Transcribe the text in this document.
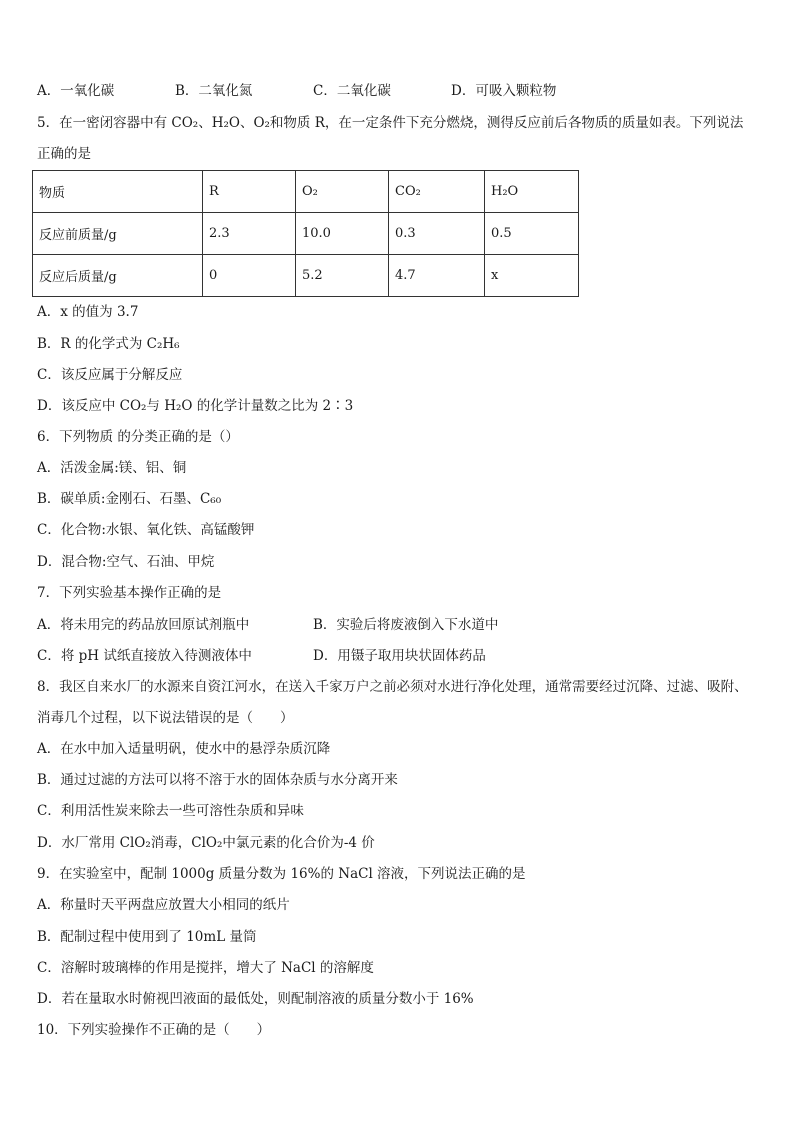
A．一氧化碳	B．二氧化氮	C．二氧化碳	D．可吸入颗粒物
5．在一密闭容器中有 CO₂、H₂O、O₂和物质 R，在一定条件下充分燃烧，测得反应前后各物质的质量如表。下列说法
正确的是
物质	R	O₂	CO₂	H₂O
反应前质量/g	2.3	10.0	0.3	0.5
反应后质量/g	0	5.2	4.7	x
A．x 的值为 3.7
B．R 的化学式为 C₂H₆
C．该反应属于分解反应
D．该反应中 CO₂与 H₂O 的化学计量数之比为 2∶3
6．下列物质 的分类正确的是（）
A．活泼金属:镁、铝、铜
B．碳单质:金刚石、石墨、C₆₀
C．化合物:水银、氧化铁、高锰酸钾
D．混合物:空气、石油、甲烷
7．下列实验基本操作正确的是
A．将未用完的药品放回原试剂瓶中	B．实验后将废液倒入下水道中
C．将 pH 试纸直接放入待测液体中	D．用镊子取用块状固体药品
8．我区自来水厂的水源来自资江河水，在送入千家万户之前必须对水进行净化处理，通常需要经过沉降、过滤、吸附、
消毒几个过程，以下说法错误的是（　　）
A．在水中加入适量明矾，使水中的悬浮杂质沉降
B．通过过滤的方法可以将不溶于水的固体杂质与水分离开来
C．利用活性炭来除去一些可溶性杂质和异味
D．水厂常用 ClO₂消毒，ClO₂中氯元素的化合价为-4 价
9．在实验室中，配制 1000g 质量分数为 16%的 NaCl 溶液，下列说法正确的是
A．称量时天平两盘应放置大小相同的纸片
B．配制过程中使用到了 10mL 量筒
C．溶解时玻璃棒的作用是搅拌，增大了 NaCl 的溶解度
D．若在量取水时俯视凹液面的最低处，则配制溶液的质量分数小于 16%
10．下列实验操作不正确的是（　　）
